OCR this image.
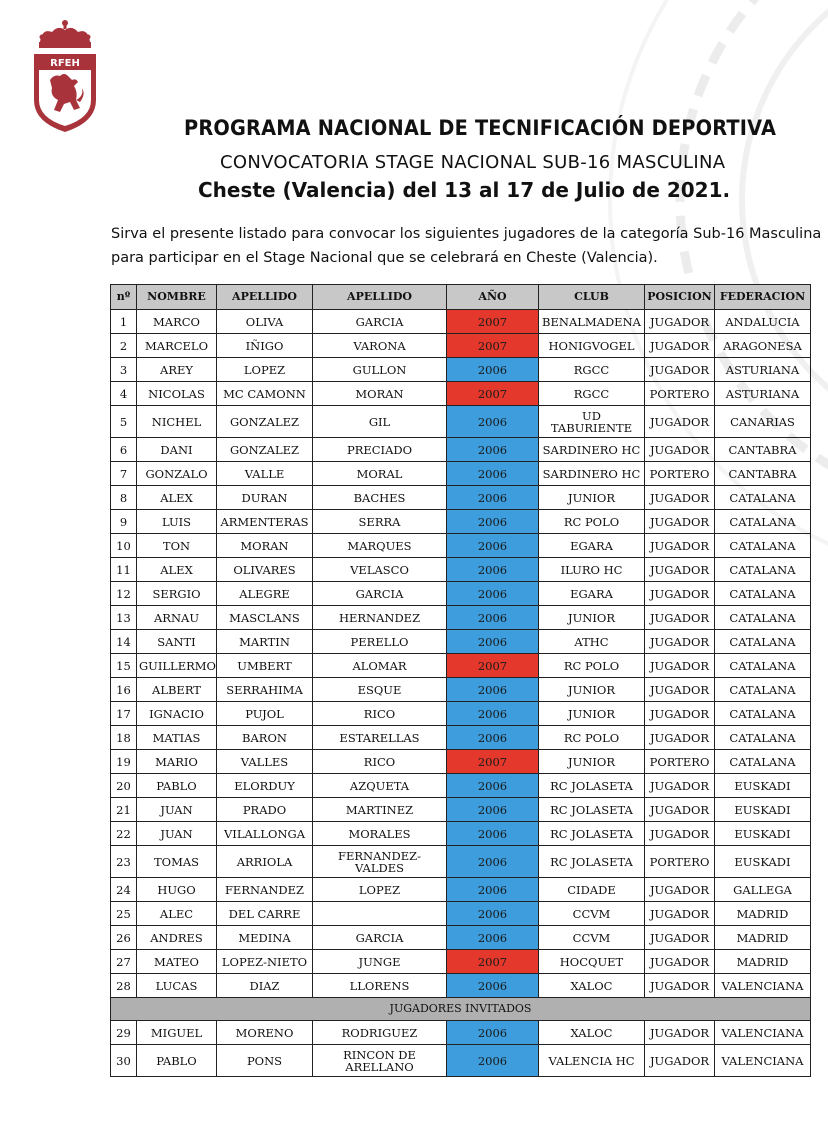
RFEH
PROGRAMA NACIONAL DE TECNIFICACIÓN DEPORTIVA
CONVOCATORIA STAGE NACIONAL SUB-16 MASCULINA
Cheste (Valencia) del 13 al 17 de Julio de 2021.

Sirva el presente listado para convocar los siguientes jugadores de la categoría Sub-16 Masculina

para participar en el Stage Nacional que se celebrará en Cheste (Valencia).

nº	NOMBRE	APELLIDO	APELLIDO	AÑO	CLUB	POSICION	FEDERACION
1	MARCO	OLIVA	GARCIA	2007	BENALMADENA	JUGADOR	ANDALUCIA
2	MARCELO	IÑIGO	VARONA	2007	HONIGVOGEL	JUGADOR	ARAGONESA
3	AREY	LOPEZ	GULLON	2006	RGCC	JUGADOR	ASTURIANA
4	NICOLAS	MC CAMONN	MORAN	2007	RGCC	PORTERO	ASTURIANA
5	NICHEL	GONZALEZ	GIL	2006	UD TABURIENTE	JUGADOR	CANARIAS
6	DANI	GONZALEZ	PRECIADO	2006	SARDINERO HC	JUGADOR	CANTABRA
7	GONZALO	VALLE	MORAL	2006	SARDINERO HC	PORTERO	CANTABRA
8	ALEX	DURAN	BACHES	2006	JUNIOR	JUGADOR	CATALANA
9	LUIS	ARMENTERAS	SERRA	2006	RC POLO	JUGADOR	CATALANA
10	TON	MORAN	MARQUES	2006	EGARA	JUGADOR	CATALANA
11	ALEX	OLIVARES	VELASCO	2006	ILURO HC	JUGADOR	CATALANA
12	SERGIO	ALEGRE	GARCIA	2006	EGARA	JUGADOR	CATALANA
13	ARNAU	MASCLANS	HERNANDEZ	2006	JUNIOR	JUGADOR	CATALANA
14	SANTI	MARTIN	PERELLO	2006	ATHC	JUGADOR	CATALANA
15	GUILLERMO	UMBERT	ALOMAR	2007	RC POLO	JUGADOR	CATALANA
16	ALBERT	SERRAHIMA	ESQUE	2006	JUNIOR	JUGADOR	CATALANA
17	IGNACIO	PUJOL	RICO	2006	JUNIOR	JUGADOR	CATALANA
18	MATIAS	BARON	ESTARELLAS	2006	RC POLO	JUGADOR	CATALANA
19	MARIO	VALLES	RICO	2007	JUNIOR	PORTERO	CATALANA
20	PABLO	ELORDUY	AZQUETA	2006	RC JOLASETA	JUGADOR	EUSKADI
21	JUAN	PRADO	MARTINEZ	2006	RC JOLASETA	JUGADOR	EUSKADI
22	JUAN	VILALLONGA	MORALES	2006	RC JOLASETA	JUGADOR	EUSKADI
23	TOMAS	ARRIOLA	FERNANDEZ-VALDES	2006	RC JOLASETA	PORTERO	EUSKADI
24	HUGO	FERNANDEZ	LOPEZ	2006	CIDADE	JUGADOR	GALLEGA
25	ALEC	DEL CARRE		2006	CCVM	JUGADOR	MADRID
26	ANDRES	MEDINA	GARCIA	2006	CCVM	JUGADOR	MADRID
27	MATEO	LOPEZ-NIETO	JUNGE	2007	HOCQUET	JUGADOR	MADRID
28	LUCAS	DIAZ	LLORENS	2006	XALOC	JUGADOR	VALENCIANA
JUGADORES INVITADOS							
29	MIGUEL	MORENO	RODRIGUEZ	2006	XALOC	JUGADOR	VALENCIANA
30	PABLO	PONS	RINCON DE ARELLANO	2006	VALENCIA HC	JUGADOR	VALENCIANA
